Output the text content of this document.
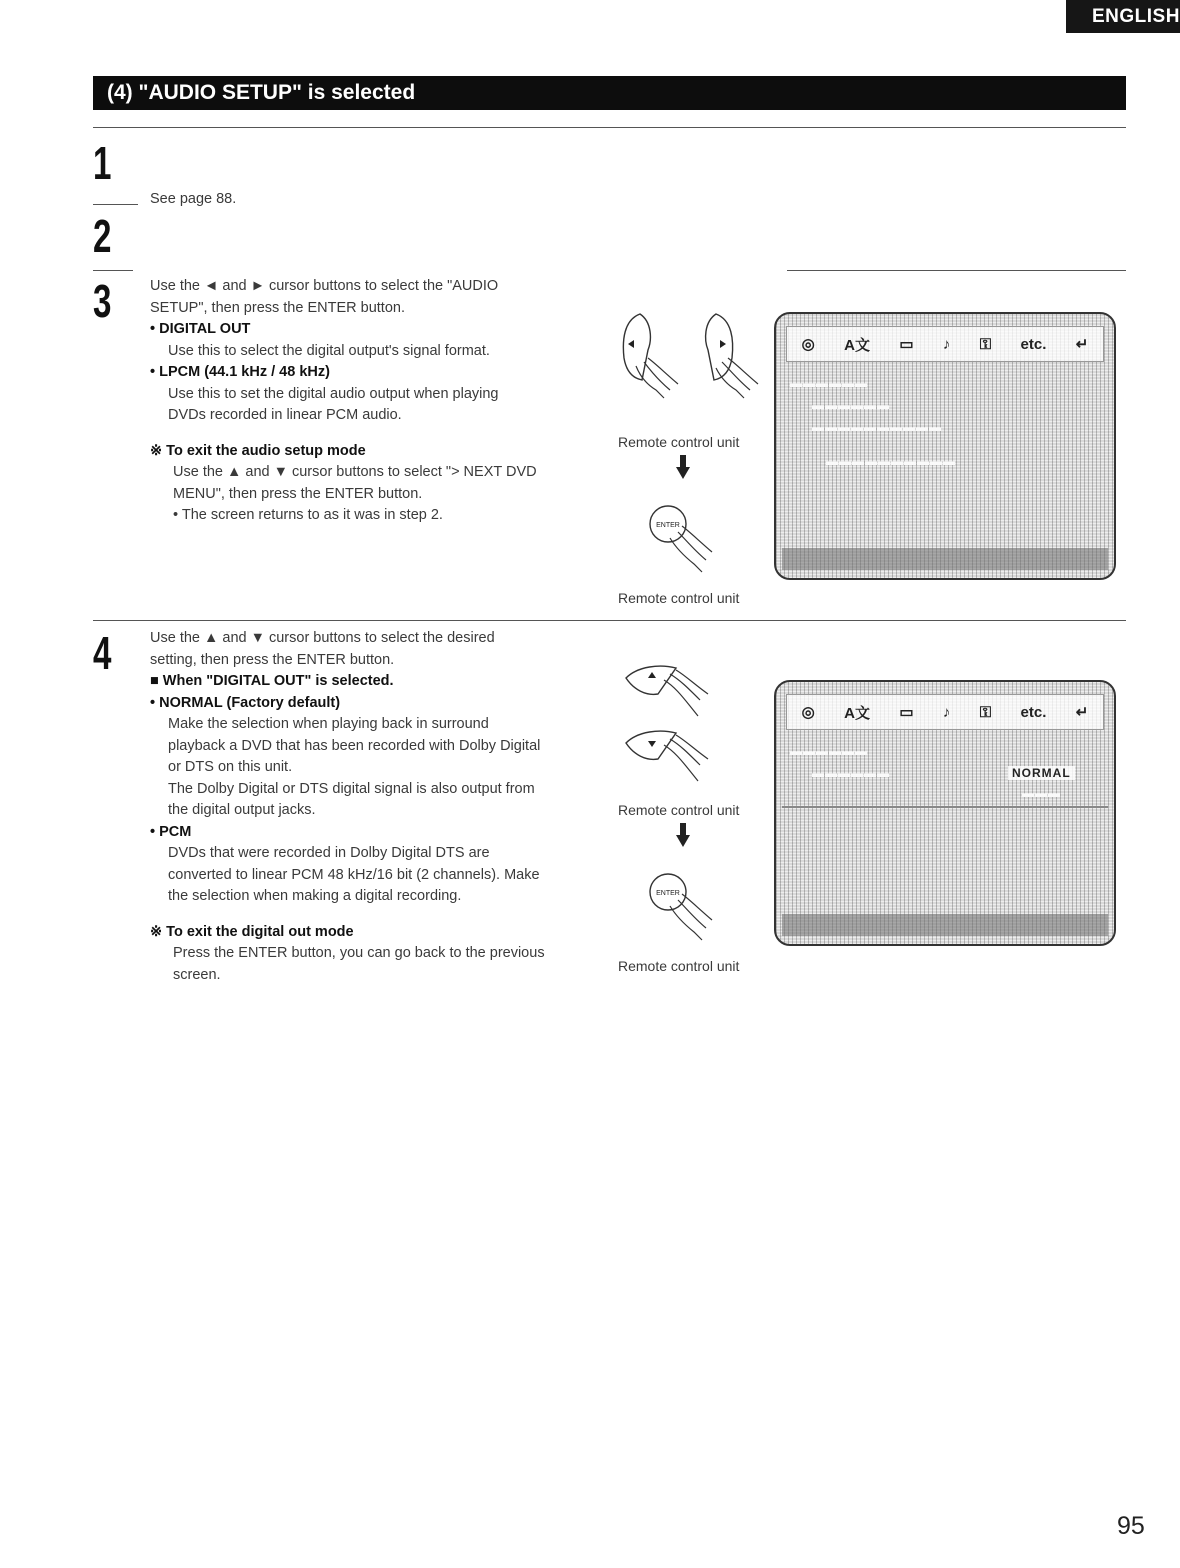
ENGLISH
(4) "AUDIO SETUP" is selected
1
2
3
4
See page 88.

Use the ◄ and ► cursor buttons to select the "AUDIO

SETUP", then press the ENTER button.

• DIGITAL OUT

Use this to select the digital output's signal format.

• LPCM (44.1 kHz / 48 kHz)

Use this to set the digital audio output when playing

DVDs recorded in linear PCM audio.

※ To exit the audio setup mode

Use the ▲ and ▼ cursor buttons to select "> NEXT DVD

MENU", then press the ENTER button.

• The screen returns to as it was in step 2.

Use the ▲ and ▼ cursor buttons to select the desired

setting, then press the ENTER button.

■ When "DIGITAL OUT" is selected.

• NORMAL (Factory default)

Make the selection when playing back in surround

playback a DVD that has been recorded with Dolby Digital

or DTS on this unit.

The Dolby Digital or DTS digital signal is also output from

the digital output jacks.

• PCM

DVDs that were recorded in Dolby Digital DTS are

converted to linear PCM 48 kHz/16 bit (2 channels). Make

the selection when making a digital recording.

※ To exit the digital out mode

Press the ENTER button, you can go back to the previous

screen.

Remote control unit
ENTER
Remote control unit
◎ A文 ▭ ♪ ⚿ etc. ↵
▬▬▬▬▬▬
▬▬▬▬▬▬
▬▬▬▬▬▬▬▬▬▬
▬▬▬▬▬▬▬▬▬▬
Remote control unit
ENTER
Remote control unit
◎ A文 ▭ ♪ ⚿ etc. ↵
▬▬▬▬▬▬
▬▬▬▬▬▬	NORMAL
▬▬▬
95
